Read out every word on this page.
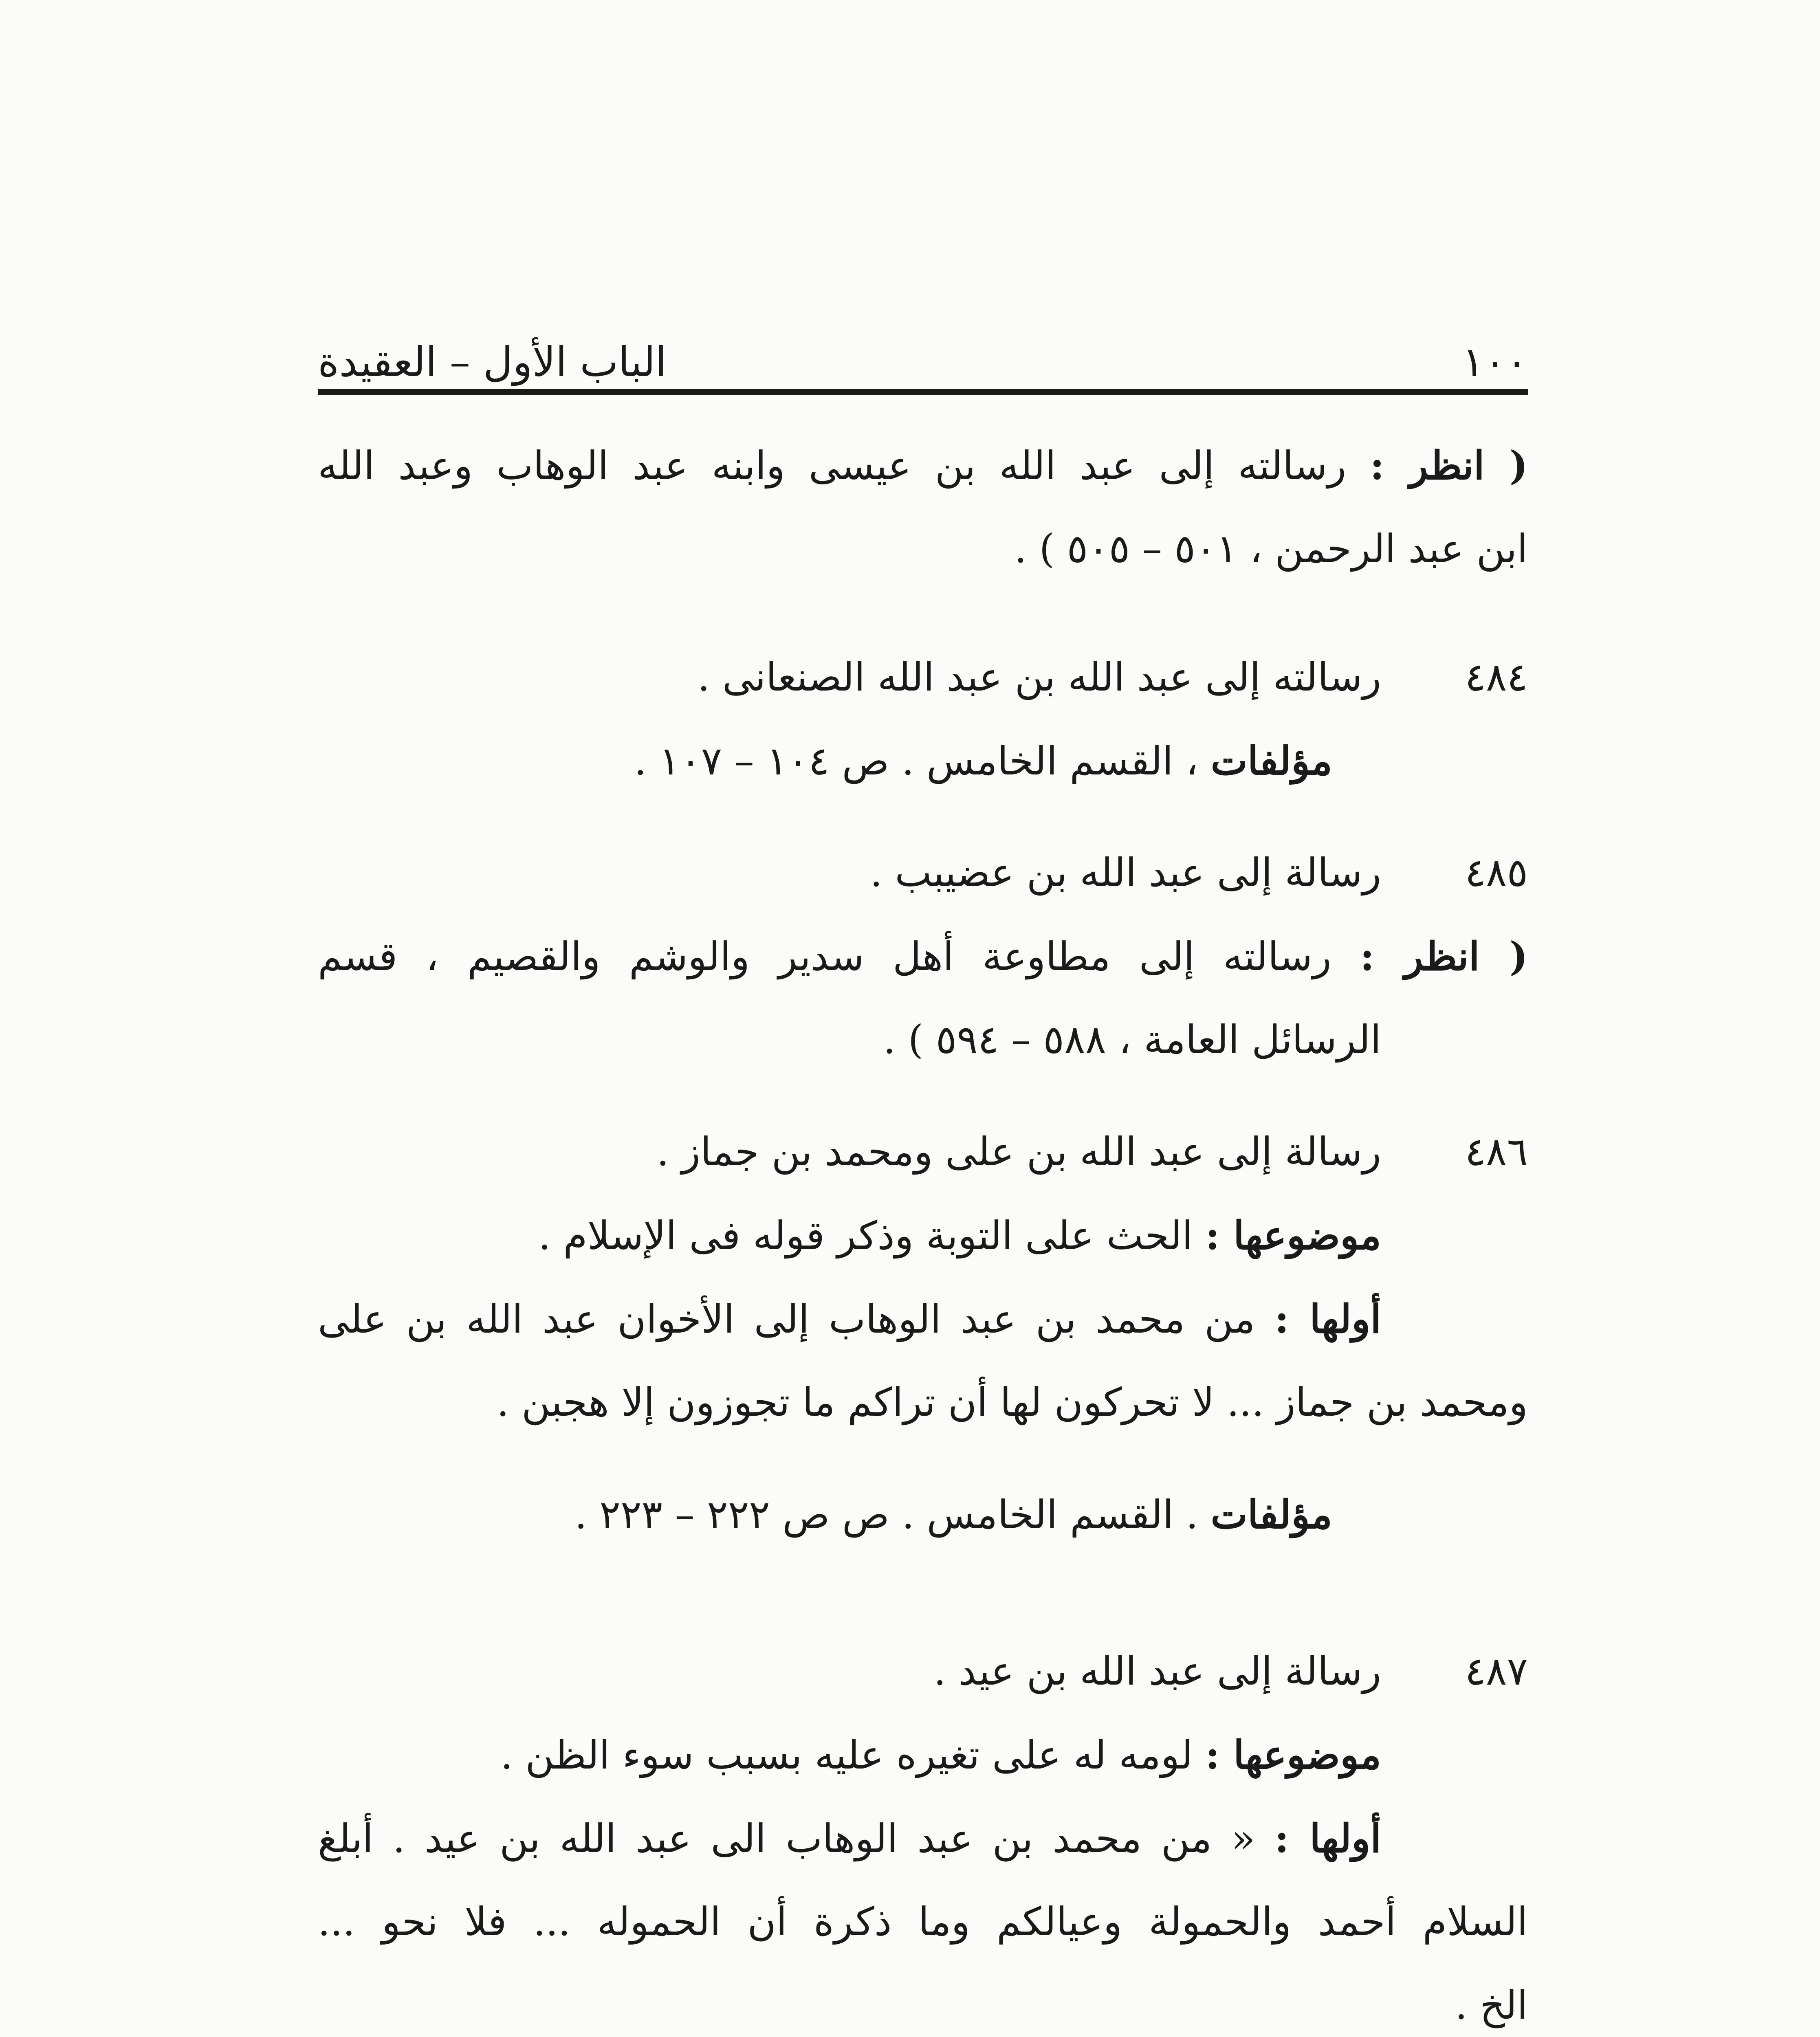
١٠٠
الباب الأول – العقيدة
( انظر : رسالته إلى عبد الله بن عيسى وابنه عبد الوهاب وعبد الله
ابن عبد الرحمن ، ٥٠١ – ٥٠٥ ) .
٤٨٤
رسالته إلى عبد الله بن عبد الله الصنعانى .
مؤلفات ، القسم الخامس . ص ١٠٤ – ١٠٧ .
٤٨٥
رسالة إلى عبد الله بن عضيبب .
( انظر : رسالته إلى مطاوعة أهل سدير والوشم والقصيم ، قسم
الرسائل العامة ، ٥٨٨ – ٥٩٤ ) .
٤٨٦
رسالة إلى عبد الله بن على ومحمد بن جماز .
موضوعها : الحث على التوبة وذكر قوله فى الإسلام .
أولها : من محمد بن عبد الوهاب إلى الأخوان عبد الله بن على
ومحمد بن جماز ... لا تحركون لها أن تراكم ما تجوزون إلا هجبن .
مؤلفات . القسم الخامس . ص ص ٢٢٢ – ٢٢٣ .
٤٨٧
رسالة إلى عبد الله بن عيد .
موضوعها : لومه له على تغيره عليه بسبب سوء الظن .
أولها : « من محمد بن عبد الوهاب الى عبد الله بن عيد . أبلغ
السلام أحمد والحمولة وعيالكم وما ذكرة أن الحموله ... فلا نحو ...
الخ .
